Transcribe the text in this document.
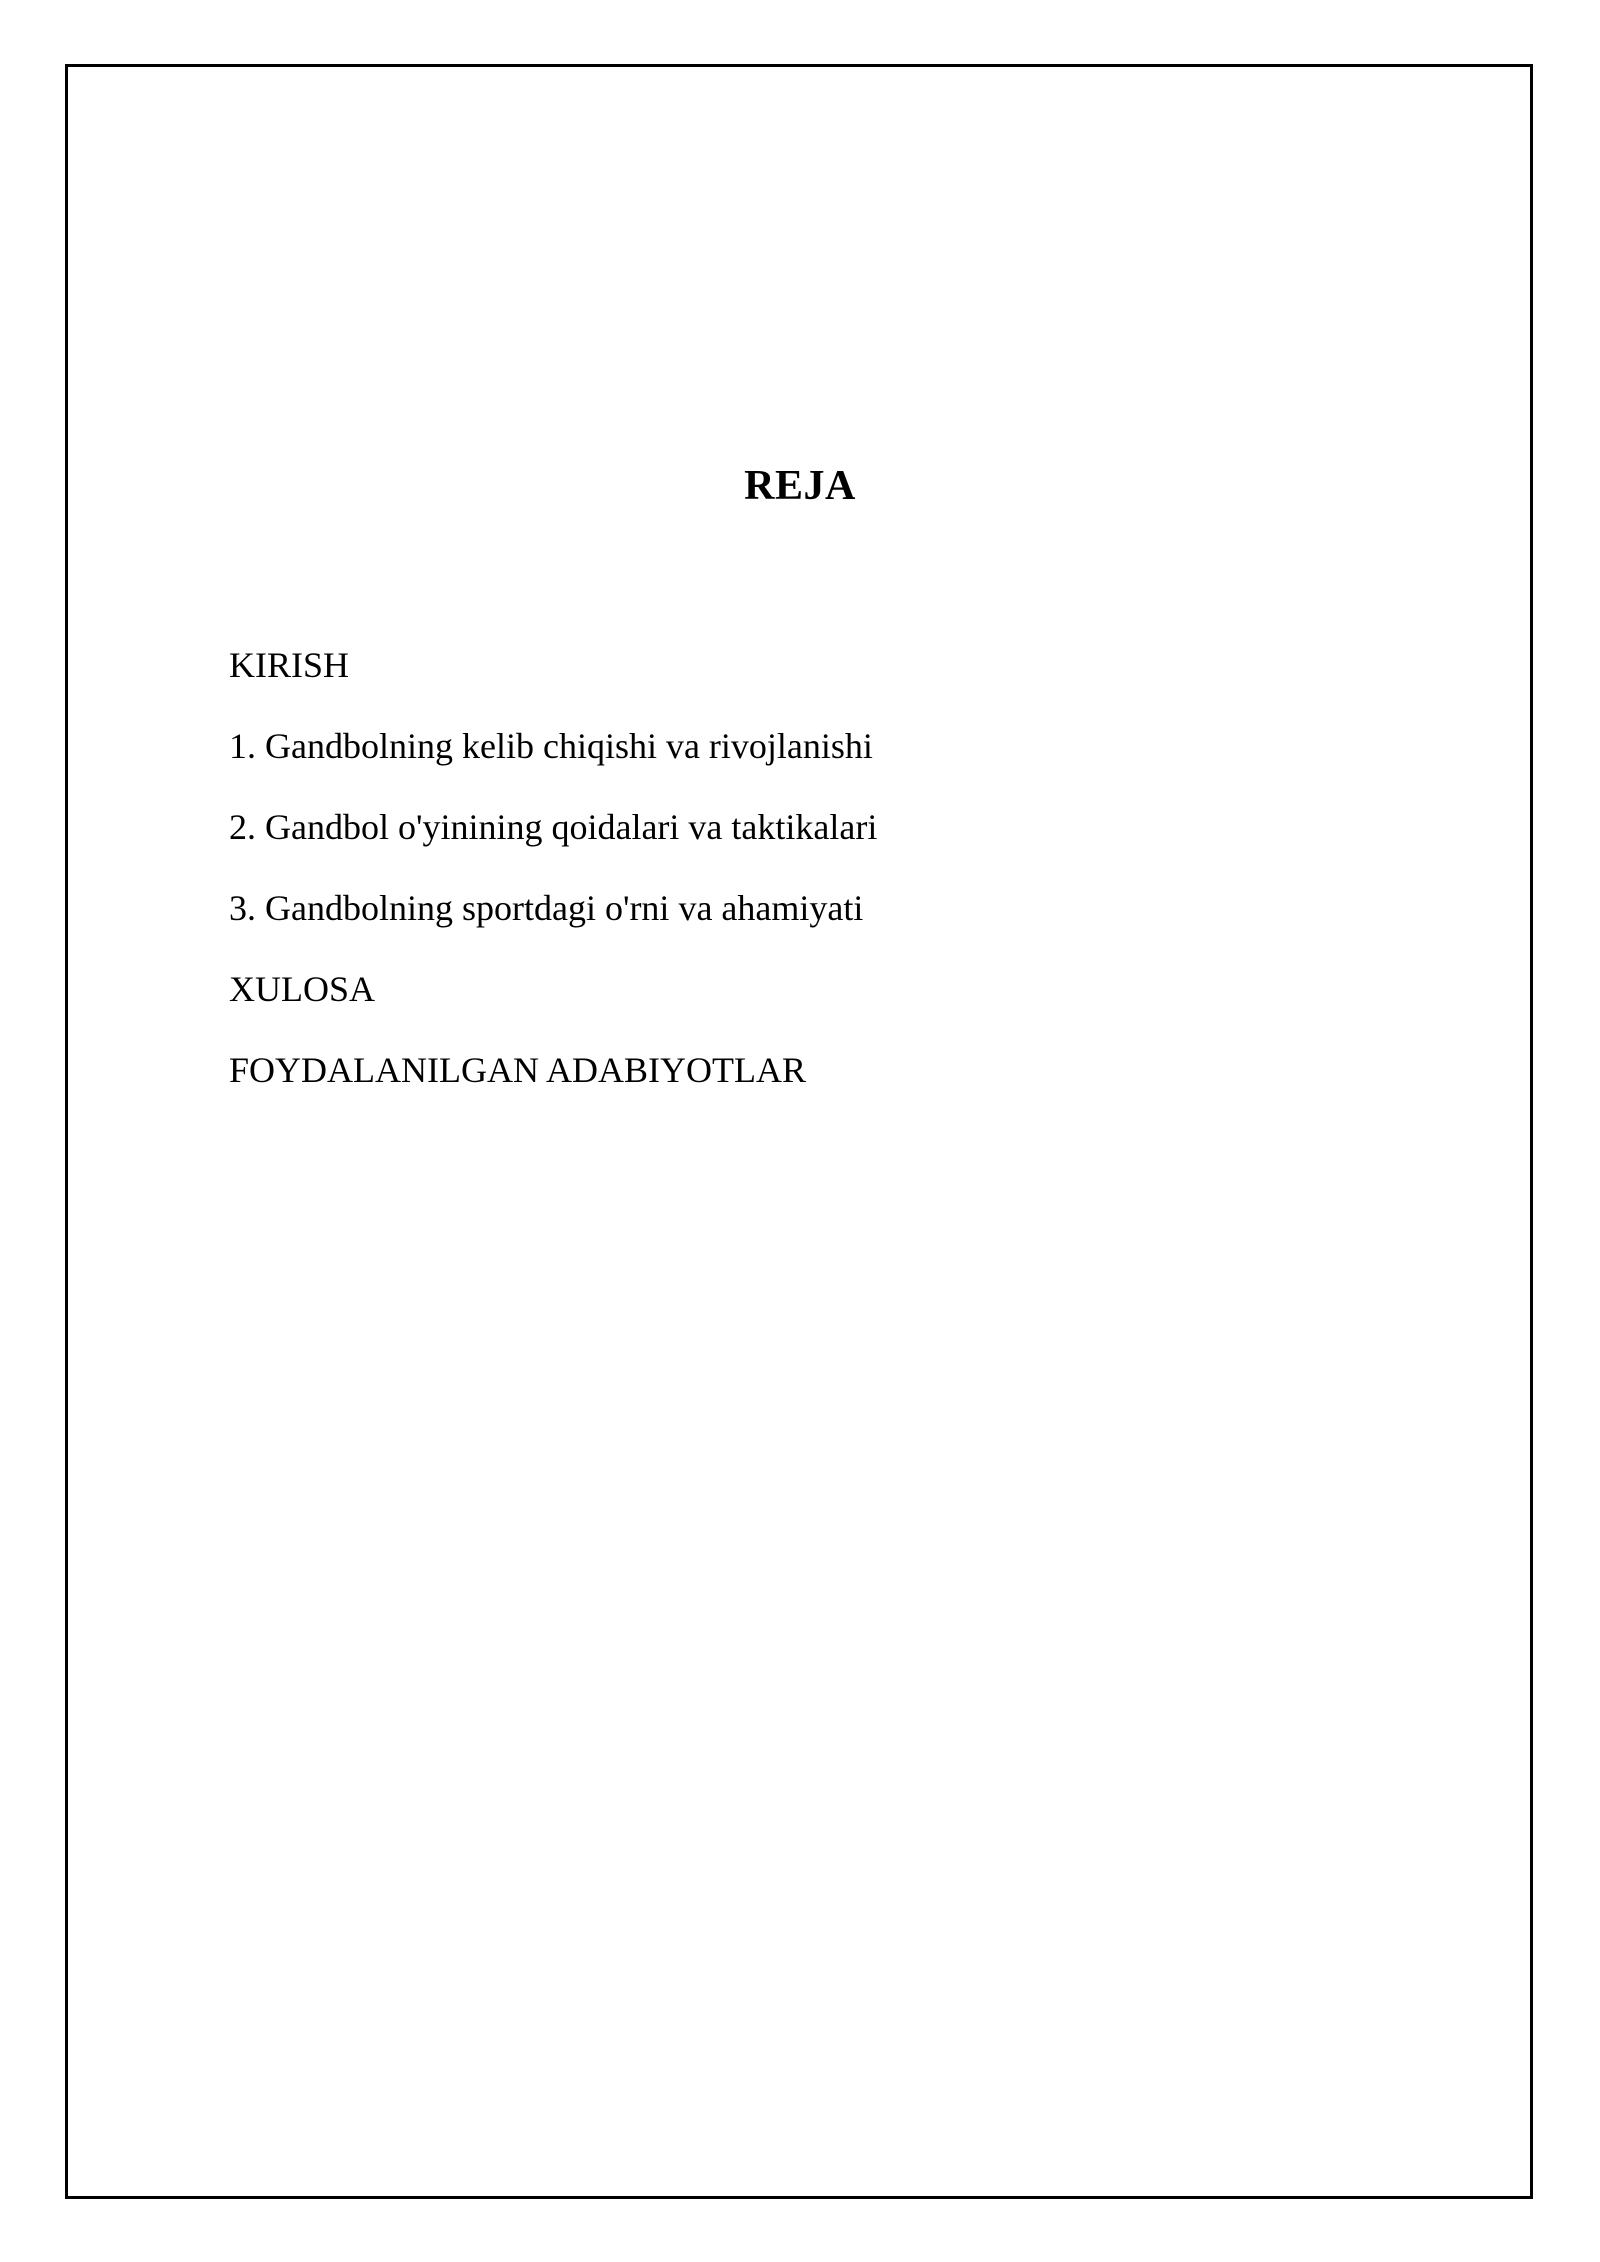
REJA
KIRISH
1. Gandbolning kelib chiqishi va rivojlanishi
2. Gandbol o'yinining qoidalari va taktikalari
3. Gandbolning sportdagi o'rni va ahamiyati
XULOSA
FOYDALANILGAN ADABIYOTLAR
